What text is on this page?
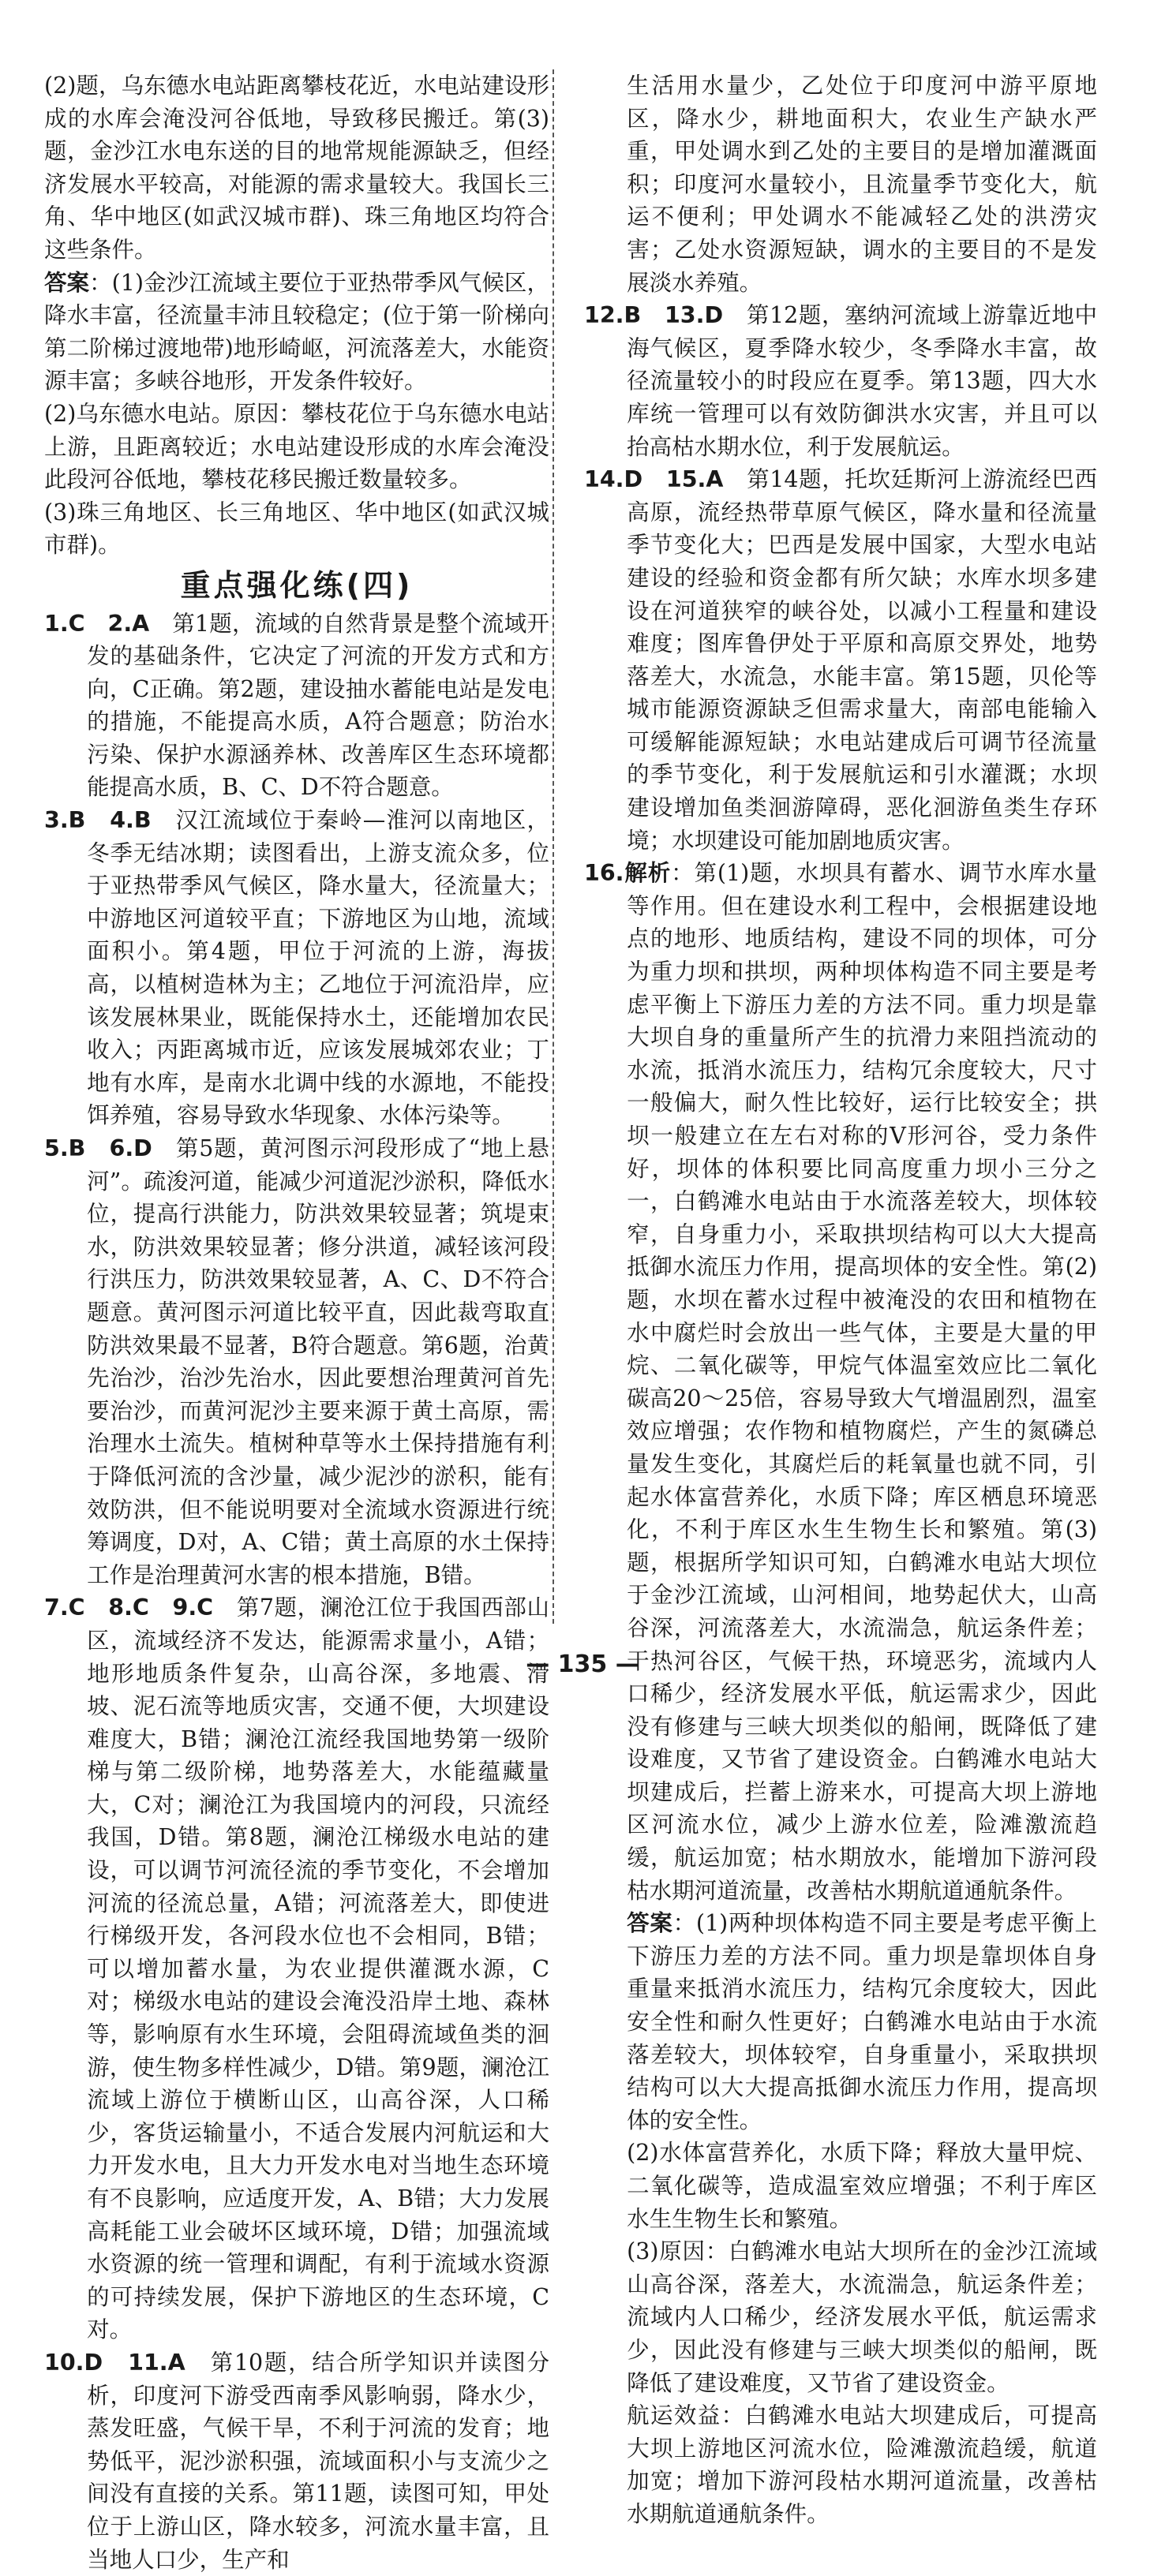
(2)题，乌东德水电站距离攀枝花近，水电站建设形成的水库会淹没河谷低地，导致移民搬迁。第(3)题，金沙江水电东送的目的地常规能源缺乏，但经济发展水平较高，对能源的需求量较大。我国长三角、华中地区(如武汉城市群)、珠三角地区均符合这些条件。

答案：(1)金沙江流域主要位于亚热带季风气候区，降水丰富，径流量丰沛且较稳定；(位于第一阶梯向第二阶梯过渡地带)地形崎岖，河流落差大，水能资源丰富；多峡谷地形，开发条件较好。

(2)乌东德水电站。原因：攀枝花位于乌东德水电站上游，且距离较近；水电站建设形成的水库会淹没此段河谷低地，攀枝花移民搬迁数量较多。

(3)珠三角地区、长三角地区、华中地区(如武汉城市群)。

重点强化练(四)

1.C　2.A　第1题，流域的自然背景是整个流域开发的基础条件，它决定了河流的开发方式和方向，C正确。第2题，建设抽水蓄能电站是发电的措施，不能提高水质，A符合题意；防治水污染、保护水源涵养林、改善库区生态环境都能提高水质，B、C、D不符合题意。

3.B　4.B　汉江流域位于秦岭—淮河以南地区，冬季无结冰期；读图看出，上游支流众多，位于亚热带季风气候区，降水量大，径流量大；中游地区河道较平直；下游地区为山地，流域面积小。第4题，甲位于河流的上游，海拔高，以植树造林为主；乙地位于河流沿岸，应该发展林果业，既能保持水土，还能增加农民收入；丙距离城市近，应该发展城郊农业；丁地有水库，是南水北调中线的水源地，不能投饵养殖，容易导致水华现象、水体污染等。

5.B　6.D　第5题，黄河图示河段形成了“地上悬河”。疏浚河道，能减少河道泥沙淤积，降低水位，提高行洪能力，防洪效果较显著；筑堤束水，防洪效果较显著；修分洪道，减轻该河段行洪压力，防洪效果较显著，A、C、D不符合题意。黄河图示河道比较平直，因此裁弯取直防洪效果最不显著，B符合题意。第6题，治黄先治沙，治沙先治水，因此要想治理黄河首先要治沙，而黄河泥沙主要来源于黄土高原，需治理水土流失。植树种草等水土保持措施有利于降低河流的含沙量，减少泥沙的淤积，能有效防洪，但不能说明要对全流域水资源进行统筹调度，D对，A、C错；黄土高原的水土保持工作是治理黄河水害的根本措施，B错。

7.C　8.C　9.C　第7题，澜沧江位于我国西部山区，流域经济不发达，能源需求量小，A错；地形地质条件复杂，山高谷深，多地震、滑坡、泥石流等地质灾害，交通不便，大坝建设难度大，B错；澜沧江流经我国地势第一级阶梯与第二级阶梯，地势落差大，水能蕴藏量大，C对；澜沧江为我国境内的河段，只流经我国，D错。第8题，澜沧江梯级水电站的建设，可以调节河流径流的季节变化，不会增加河流的径流总量，A错；河流落差大，即使进行梯级开发，各河段水位也不会相同，B错；可以增加蓄水量，为农业提供灌溉水源，C对；梯级水电站的建设会淹没沿岸土地、森林等，影响原有水生环境，会阻碍流域鱼类的洄游，使生物多样性减少，D错。第9题，澜沧江流域上游位于横断山区，山高谷深，人口稀少，客货运输量小，不适合发展内河航运和大力开发水电，且大力开发水电对当地生态环境有不良影响，应适度开发，A、B错；大力发展高耗能工业会破坏区域环境，D错；加强流域水资源的统一管理和调配，有利于流域水资源的可持续发展，保护下游地区的生态环境，C对。

10.D　11.A　第10题，结合所学知识并读图分析，印度河下游受西南季风影响弱，降水少，蒸发旺盛，气候干旱，不利于河流的发育；地势低平，泥沙淤积强，流域面积小与支流少之间没有直接的关系。第11题，读图可知，甲处位于上游山区，降水较多，河流水量丰富，且当地人口少，生产和

生活用水量少，乙处位于印度河中游平原地区，降水少，耕地面积大，农业生产缺水严重，甲处调水到乙处的主要目的是增加灌溉面积；印度河水量较小，且流量季节变化大，航运不便利；甲处调水不能减轻乙处的洪涝灾害；乙处水资源短缺，调水的主要目的不是发展淡水养殖。

12.B　13.D　第12题，塞纳河流域上游靠近地中海气候区，夏季降水较少，冬季降水丰富，故径流量较小的时段应在夏季。第13题，四大水库统一管理可以有效防御洪水灾害，并且可以抬高枯水期水位，利于发展航运。

14.D　15.A　第14题，托坎廷斯河上游流经巴西高原，流经热带草原气候区，降水量和径流量季节变化大；巴西是发展中国家，大型水电站建设的经验和资金都有所欠缺；水库水坝多建设在河道狭窄的峡谷处，以减小工程量和建设难度；图库鲁伊处于平原和高原交界处，地势落差大，水流急，水能丰富。第15题，贝伦等城市能源资源缺乏但需求量大，南部电能输入可缓解能源短缺；水电站建成后可调节径流量的季节变化，利于发展航运和引水灌溉；水坝建设增加鱼类洄游障碍，恶化洄游鱼类生存环境；水坝建设可能加剧地质灾害。

16.解析：第(1)题，水坝具有蓄水、调节水库水量等作用。但在建设水利工程中，会根据建设地点的地形、地质结构，建设不同的坝体，可分为重力坝和拱坝，两种坝体构造不同主要是考虑平衡上下游压力差的方法不同。重力坝是靠大坝自身的重量所产生的抗滑力来阻挡流动的水流，抵消水流压力，结构冗余度较大，尺寸一般偏大，耐久性比较好，运行比较安全；拱坝一般建立在左右对称的V形河谷，受力条件好，坝体的体积要比同高度重力坝小三分之一，白鹤滩水电站由于水流落差较大，坝体较窄，自身重力小，采取拱坝结构可以大大提高抵御水流压力作用，提高坝体的安全性。第(2)题，水坝在蓄水过程中被淹没的农田和植物在水中腐烂时会放出一些气体，主要是大量的甲烷、二氧化碳等，甲烷气体温室效应比二氧化碳高20～25倍，容易导致大气增温剧烈，温室效应增强；农作物和植物腐烂，产生的氮磷总量发生变化，其腐烂后的耗氧量也就不同，引起水体富营养化，水质下降；库区栖息环境恶化，不利于库区水生生物生长和繁殖。第(3)题，根据所学知识可知，白鹤滩水电站大坝位于金沙江流域，山河相间，地势起伏大，山高谷深，河流落差大，水流湍急，航运条件差；干热河谷区，气候干热，环境恶劣，流域内人口稀少，经济发展水平低，航运需求少，因此没有修建与三峡大坝类似的船闸，既降低了建设难度，又节省了建设资金。白鹤滩水电站大坝建成后，拦蓄上游来水，可提高大坝上游地区河流水位，减少上游水位差，险滩激流趋缓，航运加宽；枯水期放水，能增加下游河段枯水期河道流量，改善枯水期航道通航条件。

答案：(1)两种坝体构造不同主要是考虑平衡上下游压力差的方法不同。重力坝是靠坝体自身重量来抵消水流压力，结构冗余度较大，因此安全性和耐久性更好；白鹤滩水电站由于水流落差较大，坝体较窄，自身重量小，采取拱坝结构可以大大提高抵御水流压力作用，提高坝体的安全性。

(2)水体富营养化，水质下降；释放大量甲烷、二氧化碳等，造成温室效应增强；不利于库区水生生物生长和繁殖。

(3)原因：白鹤滩水电站大坝所在的金沙江流域山高谷深，落差大，水流湍急，航运条件差；流域内人口稀少，经济发展水平低，航运需求少，因此没有修建与三峡大坝类似的船闸，既降低了建设难度，又节省了建设资金。

航运效益：白鹤滩水电站大坝建成后，可提高大坝上游地区河流水位，险滩激流趋缓，航道加宽；增加下游河段枯水期河道流量，改善枯水期航道通航条件。

— 135 —
